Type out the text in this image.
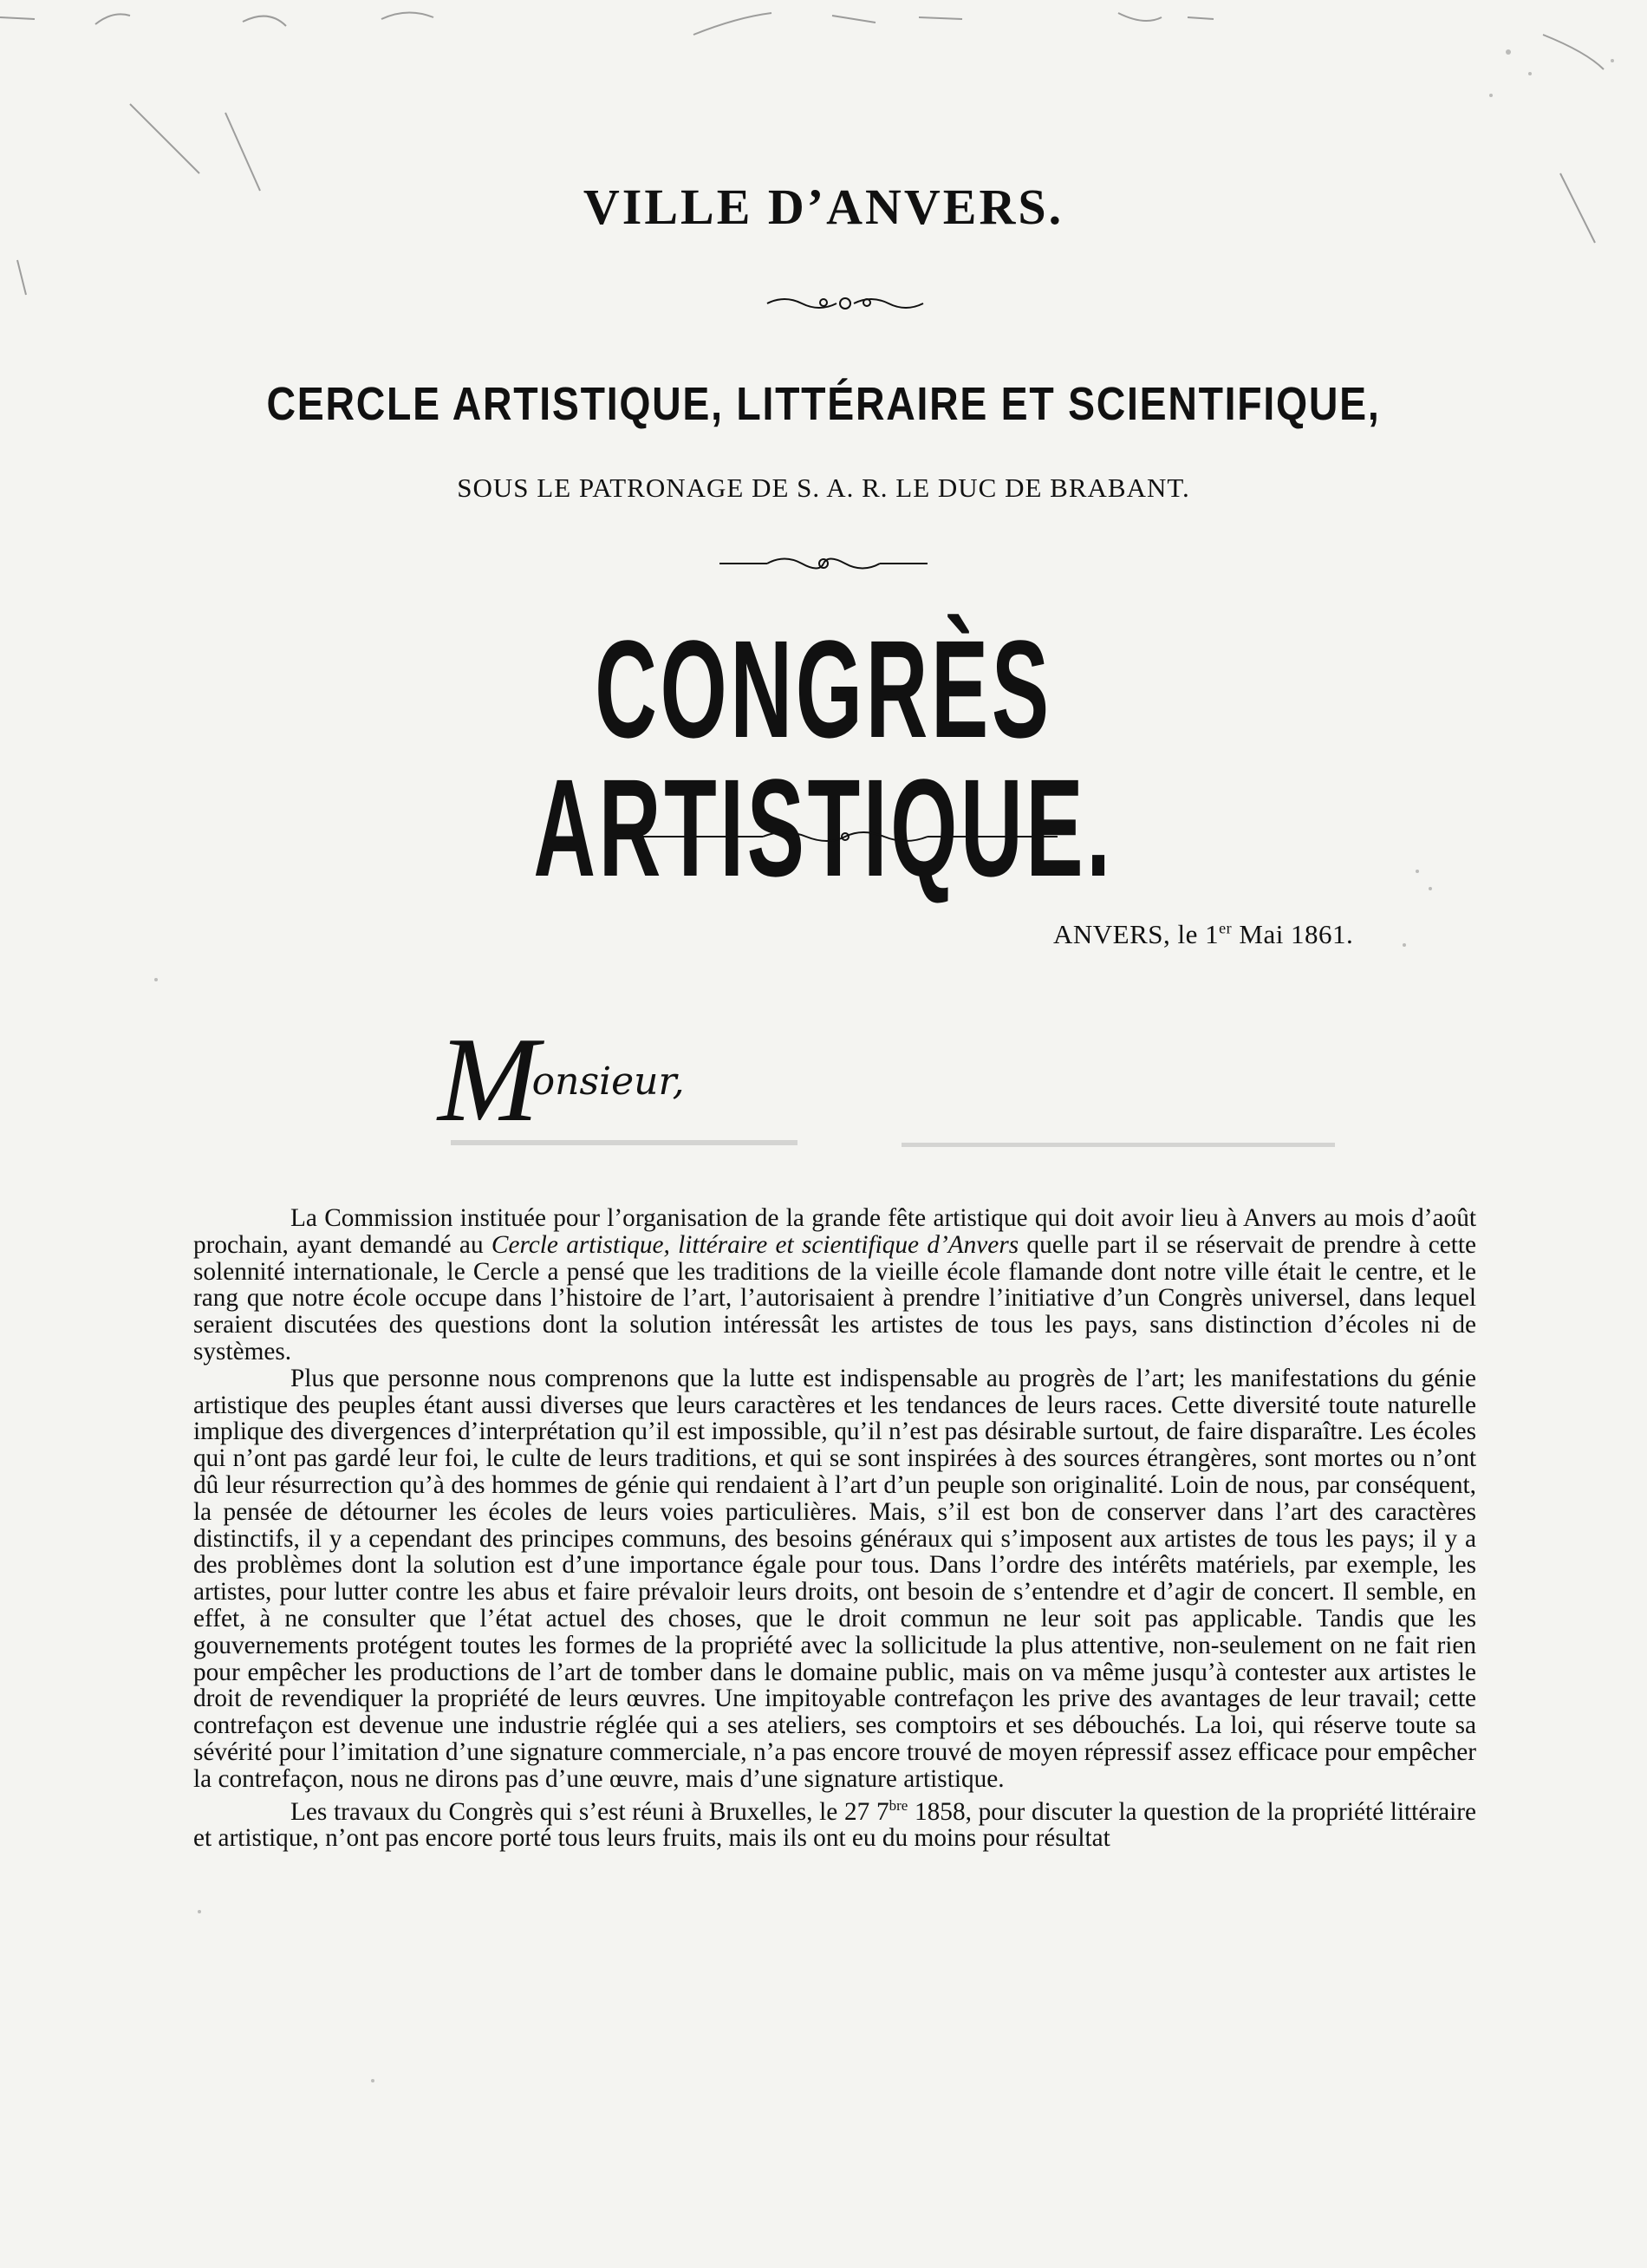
VILLE D’ANVERS.
CERCLE ARTISTIQUE, LITTÉRAIRE ET SCIENTIFIQUE,
SOUS LE PATRONAGE DE S. A. R. LE DUC DE BRABANT.
CONGRÈS ARTISTIQUE.
ANVERS, le 1er Mai 1861.
Monsieur,

La Commission instituée pour l’organisation de la grande fête artistique qui doit avoir lieu à Anvers au mois d’août prochain, ayant demandé au Cercle artistique, littéraire et scientifique d’Anvers quelle part il se réservait de prendre à cette solennité internationale, le Cercle a pensé que les traditions de la vieille école flamande dont notre ville était le centre, et le rang que notre école occupe dans l’histoire de l’art, l’autorisaient à prendre l’initiative d’un Congrès universel, dans lequel seraient discutées des questions dont la solution intéressât les artistes de tous les pays, sans distinction d’écoles ni de systèmes.

Plus que personne nous comprenons que la lutte est indispensable au progrès de l’art; les manifestations du génie artistique des peuples étant aussi diverses que leurs caractères et les tendances de leurs races. Cette diversité toute naturelle implique des divergences d’interprétation qu’il est impossible, qu’il n’est pas désirable surtout, de faire disparaître. Les écoles qui n’ont pas gardé leur foi, le culte de leurs traditions, et qui se sont inspirées à des sources étrangères, sont mortes ou n’ont dû leur résurrection qu’à des hommes de génie qui rendaient à l’art d’un peuple son originalité. Loin de nous, par conséquent, la pensée de détourner les écoles de leurs voies particulières. Mais, s’il est bon de conserver dans l’art des caractères distinctifs, il y a cependant des principes communs, des besoins généraux qui s’imposent aux artistes de tous les pays; il y a des problèmes dont la solution est d’une importance égale pour tous. Dans l’ordre des intérêts matériels, par exemple, les artistes, pour lutter contre les abus et faire prévaloir leurs droits, ont besoin de s’entendre et d’agir de concert. Il semble, en effet, à ne consulter que l’état actuel des choses, que le droit commun ne leur soit pas applicable. Tandis que les gouvernements protégent toutes les formes de la propriété avec la sollicitude la plus attentive, non-seulement on ne fait rien pour empêcher les productions de l’art de tomber dans le domaine public, mais on va même jusqu’à contester aux artistes le droit de revendiquer la propriété de leurs œuvres. Une impitoyable contrefaçon les prive des avantages de leur travail; cette contrefaçon est devenue une industrie réglée qui a ses ateliers, ses comptoirs et ses débouchés. La loi, qui réserve toute sa sévérité pour l’imitation d’une signature commerciale, n’a pas encore trouvé de moyen répressif assez efficace pour empêcher la contrefaçon, nous ne dirons pas d’une œuvre, mais d’une signature artistique.

Les travaux du Congrès qui s’est réuni à Bruxelles, le 27 $7^{bre}$ 1858, pour discuter la question de la propriété littéraire et artistique, n’ont pas encore porté tous leurs fruits, mais ils ont eu du moins pour résultat
